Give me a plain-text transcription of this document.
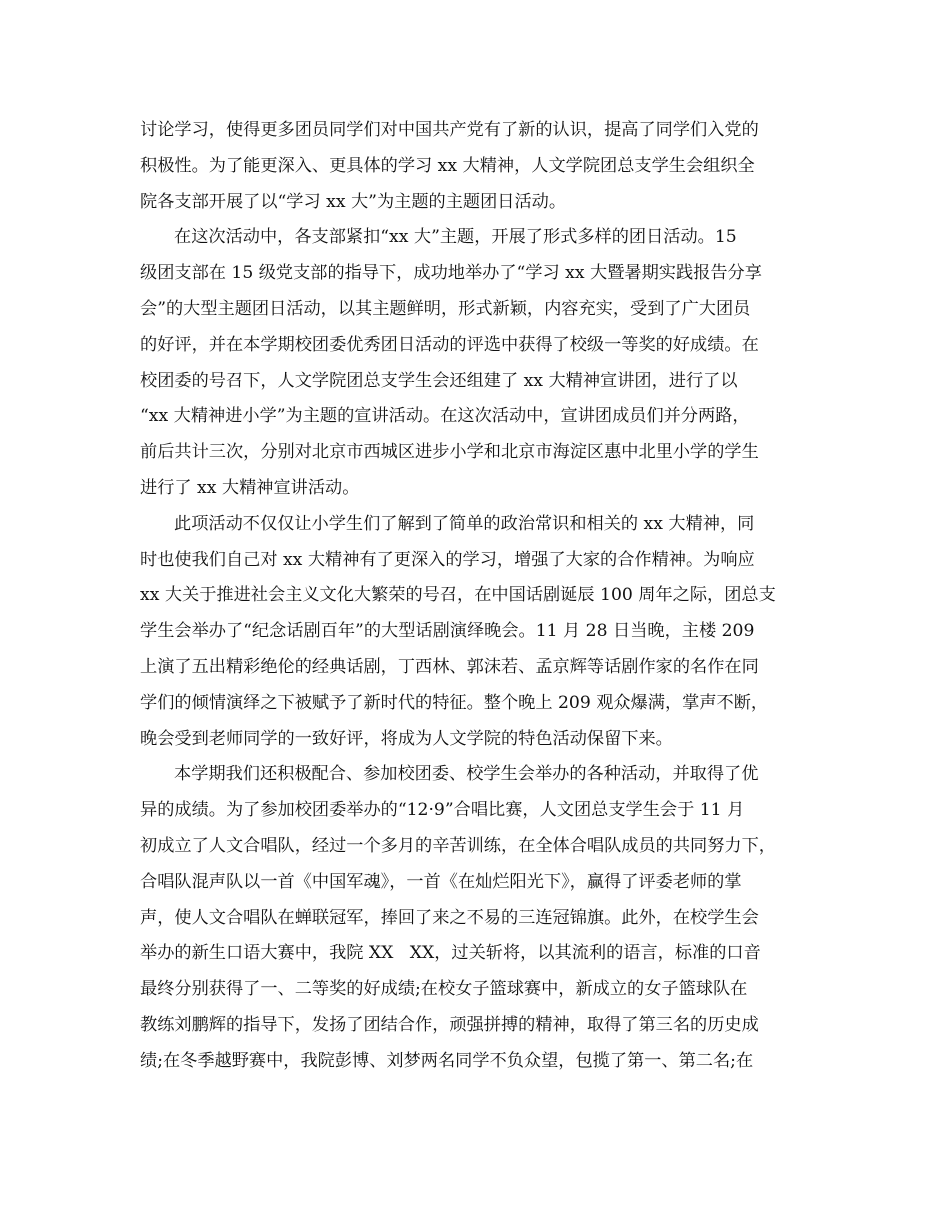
讨论学习，使得更多团员同学们对中国共产党有了新的认识，提高了同学们入党的
积极性。为了能更深入、更具体的学习 xx 大精神，人文学院团总支学生会组织全
院各支部开展了以“学习 xx 大”为主题的主题团日活动。
在这次活动中，各支部紧扣“xx 大”主题，开展了形式多样的团日活动。15
级团支部在 15 级党支部的指导下，成功地举办了“学习 xx 大暨暑期实践报告分享
会”的大型主题团日活动，以其主题鲜明，形式新颖，内容充实，受到了广大团员
的好评，并在本学期校团委优秀团日活动的评选中获得了校级一等奖的好成绩。在
校团委的号召下，人文学院团总支学生会还组建了 xx 大精神宣讲团，进行了以
“xx 大精神进小学”为主题的宣讲活动。在这次活动中，宣讲团成员们并分两路，
前后共计三次，分别对北京市西城区进步小学和北京市海淀区惠中北里小学的学生
进行了 xx 大精神宣讲活动。
此项活动不仅仅让小学生们了解到了简单的政治常识和相关的 xx 大精神，同
时也使我们自己对 xx 大精神有了更深入的学习，增强了大家的合作精神。为响应
xx 大关于推进社会主义文化大繁荣的号召，在中国话剧诞辰 100 周年之际，团总支
学生会举办了“纪念话剧百年”的大型话剧演绎晚会。11 月 28 日当晚，主楼 209
上演了五出精彩绝伦的经典话剧，丁西林、郭沫若、孟京辉等话剧作家的名作在同
学们的倾情演绎之下被赋予了新时代的特征。整个晚上 209 观众爆满，掌声不断，
晚会受到老师同学的一致好评，将成为人文学院的特色活动保留下来。
本学期我们还积极配合、参加校团委、校学生会举办的各种活动，并取得了优
异的成绩。为了参加校团委举办的“12·9”合唱比赛，人文团总支学生会于 11 月
初成立了人文合唱队，经过一个多月的辛苦训练，在全体合唱队成员的共同努力下，
合唱队混声队以一首《中国军魂》，一首《在灿烂阳光下》，赢得了评委老师的掌
声，使人文合唱队在蝉联冠军，捧回了来之不易的三连冠锦旗。此外，在校学生会
举办的新生口语大赛中，我院 XX   XX，过关斩将，以其流利的语言，标准的口音
最终分别获得了一、二等奖的好成绩;在校女子篮球赛中，新成立的女子篮球队在
教练刘鹏辉的指导下，发扬了团结合作，顽强拼搏的精神，取得了第三名的历史成
绩;在冬季越野赛中，我院彭博、刘梦两名同学不负众望，包揽了第一、第二名;在
